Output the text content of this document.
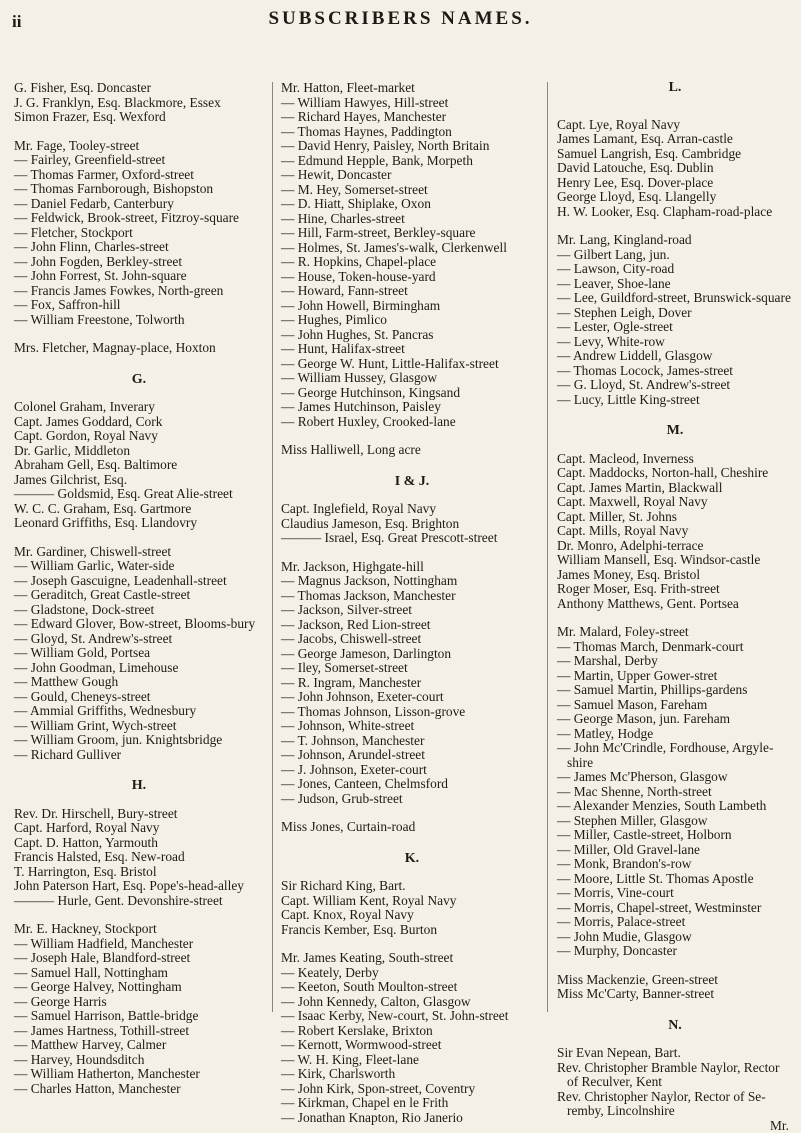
ii	SUBSCRIBERS NAMES.
G. Fisher, Esq. Doncaster
J. G. Franklyn, Esq. Blackmore, Essex
Simon Frazer, Esq. Wexford
Mr. Fage, Tooley-street
— Fairley, Greenfield-street
— Thomas Farmer, Oxford-street
— Thomas Farnborough, Bishopston
— Daniel Fedarb, Canterbury
— Feldwick, Brook-street, Fitzroy-square
— Fletcher, Stockport
— John Flinn, Charles-street
— John Fogden, Berkley-street
— John Forrest, St. John-square
— Francis James Fowkes, North-green
— Fox, Saffron-hill
— William Freestone, Tolworth
Mrs. Fletcher, Magnay-place, Hoxton
G.
Colonel Graham, Inverary
Capt. James Goddard, Cork
Capt. Gordon, Royal Navy
Dr. Garlic, Middleton
Abraham Gell, Esq. Baltimore
James Gilchrist, Esq.
——— Goldsmid, Esq. Great Alie-street
W. C. C. Graham, Esq. Gartmore
Leonard Griffiths, Esq. Llandovry
Mr. Gardiner, Chiswell-street
— William Garlic, Water-side
— Joseph Gascuigne, Leadenhall-street
— Geraditch, Great Castle-street
— Gladstone, Dock-street
— Edward Glover, Bow-street, Blooms-bury
— Gloyd, St. Andrew's-street
— William Gold, Portsea
— John Goodman, Limehouse
— Matthew Gough
— Gould, Cheneys-street
— Ammial Griffiths, Wednesbury
— William Grint, Wych-street
— William Groom, jun. Knightsbridge
— Richard Gulliver
H.
Rev. Dr. Hirschell, Bury-street
Capt. Harford, Royal Navy
Capt. D. Hatton, Yarmouth
Francis Halsted, Esq. New-road
T. Harrington, Esq. Bristol
John Paterson Hart, Esq. Pope's-head-alley
——— Hurle, Gent. Devonshire-street
Mr. E. Hackney, Stockport
— William Hadfield, Manchester
— Joseph Hale, Blandford-street
— Samuel Hall, Nottingham
— George Halvey, Nottingham
— George Harris
— Samuel Harrison, Battle-bridge
— James Hartness, Tothill-street
— Matthew Harvey, Calmer
— Harvey, Houndsditch
— William Hatherton, Manchester
— Charles Hatton, Manchester
Mr. Hatton, Fleet-market
— William Hawyes, Hill-street
— Richard Hayes, Manchester
— Thomas Haynes, Paddington
— David Henry, Paisley, North Britain
— Edmund Hepple, Bank, Morpeth
— Hewit, Doncaster
— M. Hey, Somerset-street
— D. Hiatt, Shiplake, Oxon
— Hine, Charles-street
— Hill, Farm-street, Berkley-square
— Holmes, St. James's-walk, Clerkenwell
— R. Hopkins, Chapel-place
— House, Token-house-yard
— Howard, Fann-street
— John Howell, Birmingham
— Hughes, Pimlico
— John Hughes, St. Pancras
— Hunt, Halifax-street
— George W. Hunt, Little-Halifax-street
— William Hussey, Glasgow
— George Hutchinson, Kingsand
— James Hutchinson, Paisley
— Robert Huxley, Crooked-lane
Miss Halliwell, Long acre
I & J.
Capt. Inglefield, Royal Navy
Claudius Jameson, Esq. Brighton
——— Israel, Esq. Great Prescott-street
Mr. Jackson, Highgate-hill
— Magnus Jackson, Nottingham
— Thomas Jackson, Manchester
— Jackson, Silver-street
— Jackson, Red Lion-street
— Jacobs, Chiswell-street
— George Jameson, Darlington
— Iley, Somerset-street
— R. Ingram, Manchester
— John Johnson, Exeter-court
— Thomas Johnson, Lisson-grove
— Johnson, White-street
— T. Johnson, Manchester
— Johnson, Arundel-street
— J. Johnson, Exeter-court
— Jones, Canteen, Chelmsford
— Judson, Grub-street
Miss Jones, Curtain-road
K.
Sir Richard King, Bart.
Capt. William Kent, Royal Navy
Capt. Knox, Royal Navy
Francis Kember, Esq. Burton
Mr. James Keating, South-street
— Keately, Derby
— Keeton, South Moulton-street
— John Kennedy, Calton, Glasgow
— Isaac Kerby, New-court, St. John-street
— Robert Kerslake, Brixton
— Kernott, Wormwood-street
— W. H. King, Fleet-lane
— Kirk, Charlsworth
— John Kirk, Spon-street, Coventry
— Kirkman, Chapel en le Frith
— Jonathan Knapton, Rio Janerio
L.
Capt. Lye, Royal Navy
James Lamant, Esq. Arran-castle
Samuel Langrish, Esq. Cambridge
David Latouche, Esq. Dublin
Henry Lee, Esq. Dover-place
George Lloyd, Esq. Llangelly
H. W. Looker, Esq. Clapham-road-place
Mr. Lang, Kingland-road
— Gilbert Lang, jun.
— Lawson, City-road
— Leaver, Shoe-lane
— Lee, Guildford-street, Brunswick-square
— Stephen Leigh, Dover
— Lester, Ogle-street
— Levy, White-row
— Andrew Liddell, Glasgow
— Thomas Locock, James-street
— G. Lloyd, St. Andrew's-street
— Lucy, Little King-street
M.
Capt. Macleod, Inverness
Capt. Maddocks, Norton-hall, Cheshire
Capt. James Martin, Blackwall
Capt. Maxwell, Royal Navy
Capt. Miller, St. Johns
Capt. Mills, Royal Navy
Dr. Monro, Adelphi-terrace
William Mansell, Esq. Windsor-castle
James Money, Esq. Bristol
Roger Moser, Esq. Frith-street
Anthony Matthews, Gent. Portsea
Mr. Malard, Foley-street
— Thomas March, Denmark-court
— Marshal, Derby
— Martin, Upper Gower-stret
— Samuel Martin, Phillips-gardens
— Samuel Mason, Fareham
— George Mason, jun. Fareham
— Matley, Hodge
— John Mc'Crindle, Fordhouse, Argyle-shire
— James Mc'Pherson, Glasgow
— Mac Shenne, North-street
— Alexander Menzies, South Lambeth
— Stephen Miller, Glasgow
— Miller, Castle-street, Holborn
— Miller, Old Gravel-lane
— Monk, Brandon's-row
— Moore, Little St. Thomas Apostle
— Morris, Vine-court
— Morris, Chapel-street, Westminster
— Morris, Palace-street
— John Mudie, Glasgow
— Murphy, Doncaster
Miss Mackenzie, Green-street
Miss Mc'Carty, Banner-street
N.
Sir Evan Nepean, Bart.
Rev. Christopher Bramble Naylor, Rector of Reculver, Kent
Rev. Christopher Naylor, Rector of Se-remby, Lincolnshire
Mr.
